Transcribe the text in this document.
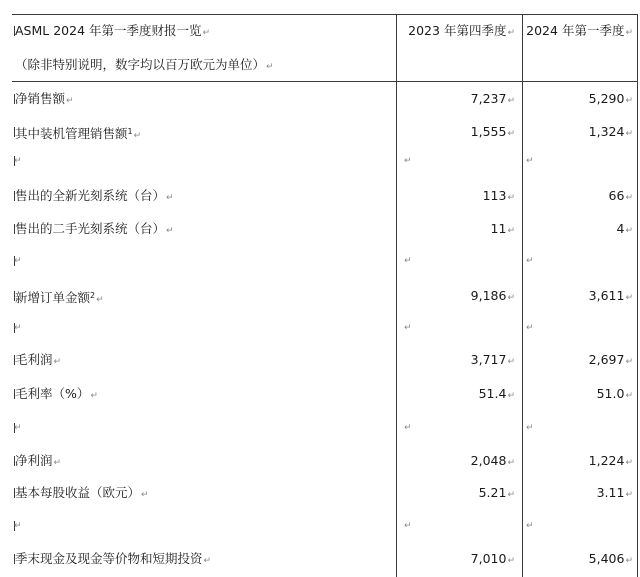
ASML 2024 年第一季度财报一览↵	2023 年第四季度↵ 2024 年第一季度↵
（除非特别说明，数字均以百万欧元为单位）↵
净销售额↵	7,237↵	5,290↵
其中装机管理销售额$^1$↵	1,555↵	1,324↵
↵	↵	↵
售出的全新光刻系统（台）↵	113↵	66↵
售出的二手光刻系统（台）↵	11↵	4↵
↵	↵	↵
新增订单金额$^2$↵	9,186↵	3,611↵
↵	↵	↵
毛利润↵	3,717↵	2,697↵
毛利率（%）↵	51.4↵	51.0↵
↵	↵	↵
净利润↵	2,048↵	1,224↵
基本每股收益（欧元）↵	5.21↵	3.11↵
↵	↵	↵
季末现金及现金等价物和短期投资↵	7,010↵	5,406↵
